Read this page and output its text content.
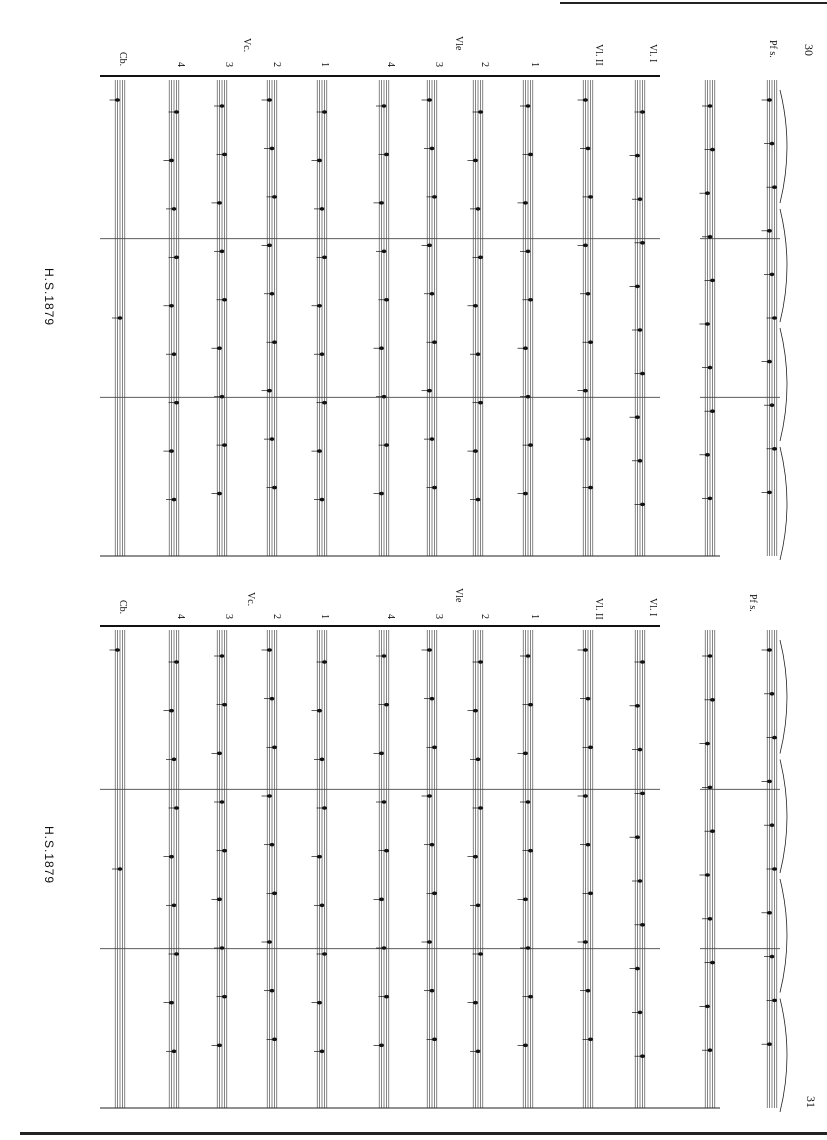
30
31
H.S.1879
H.S.1879
Pf s.
Vl. I
Vl. II
Vle
1
2
3
4
Vc.
1
2
3
4
Cb.
Pf s.
Vl. I
Vl. II
Vle
1
2
3
4
Vc.
1
2
3
4
Cb.
